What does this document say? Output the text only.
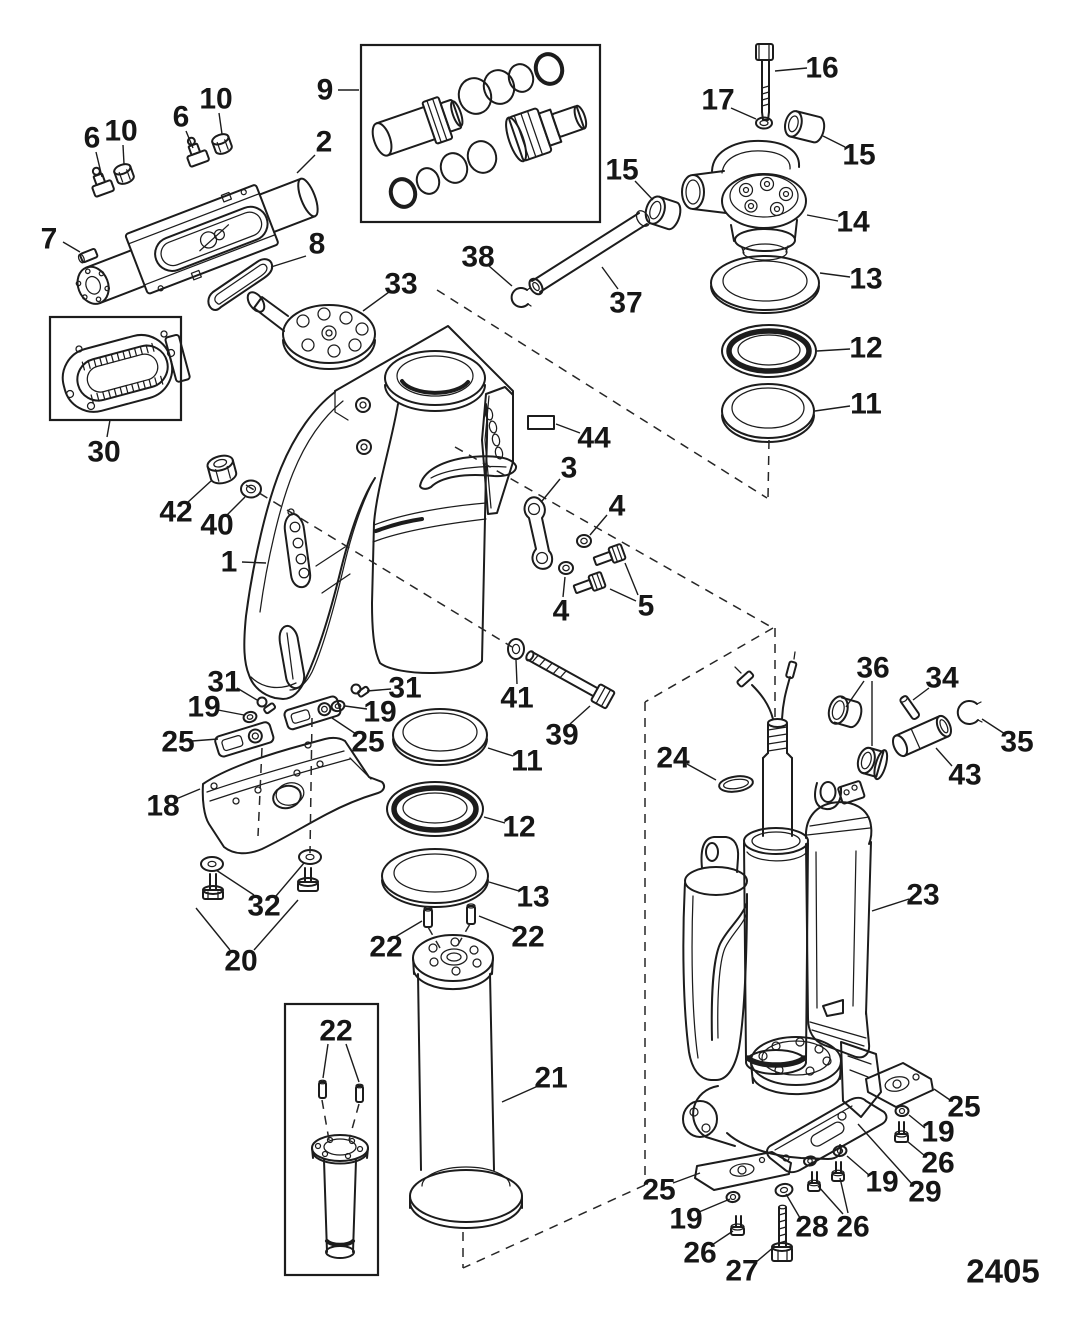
6 10 6
10
2
9
7	8
16
17
15
14
15
37
38
13
12
11
33
30	44
42 40
1
3
4
4 5
41
39
31
19
25
31
19
25
18
11
12
13
32
20	22	22
21
22
24
36 34
35
43
23
25
19
26
29
19
25
19	28 26
26
27	2405
